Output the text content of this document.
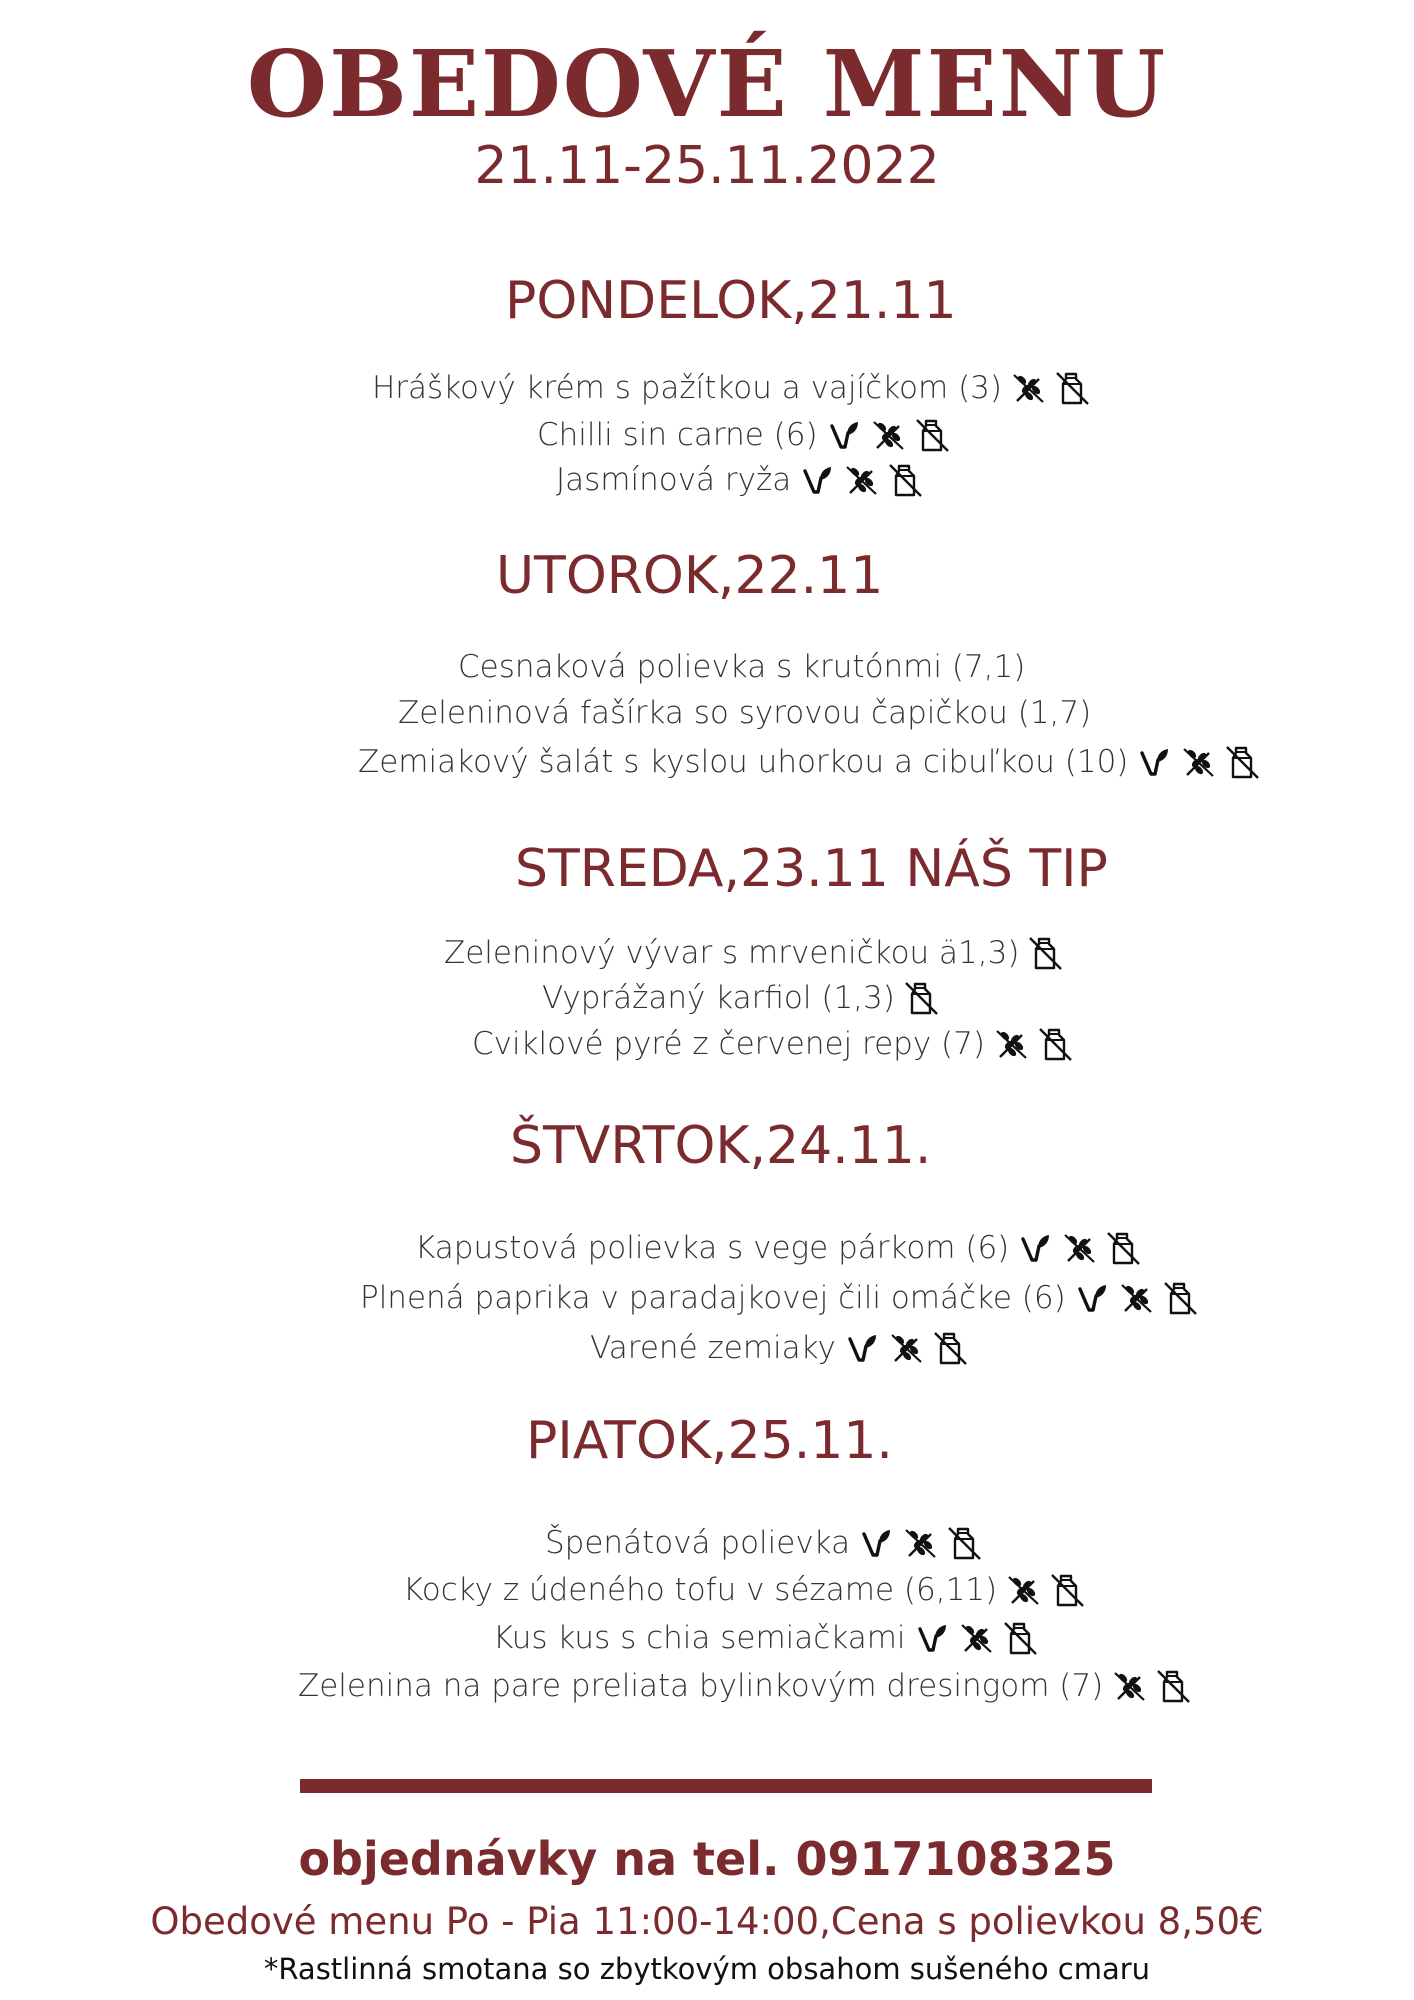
OBEDOVÉ MENU
21.11-25.11.2022
PONDELOK,21.11
UTOROK,22.11
STREDA,23.11 NÁŠ TIP
ŠTVRTOK,24.11.
PIATOK,25.11.
Hráškový krém s pažítkou a vajíčkom (3)
Chilli sin carne (6)
Jasmínová ryža
Cesnaková polievka s krutónmi (7,1)
Zeleninová fašírka so syrovou čapičkou (1,7)
Zemiakový šalát s kyslou uhorkou a cibuľkou (10)
Zeleninový vývar s mrveničkou ä1,3)
Vyprážaný karfiol (1,3)
Cviklové pyré z červenej repy (7)
Kapustová polievka s vege párkom (6)
Plnená paprika v paradajkovej čili omáčke (6)
Varené zemiaky
Špenátová polievka
Kocky z údeného tofu v sézame (6,11)
Kus kus s chia semiačkami
Zelenina na pare preliata bylinkovým dresingom (7)
objednávky na tel. 0917108325
Obedové menu Po - Pia 11:00-14:00,Cena s polievkou 8,50€
*Rastlinná smotana so zbytkovým obsahom sušeného cmaru
